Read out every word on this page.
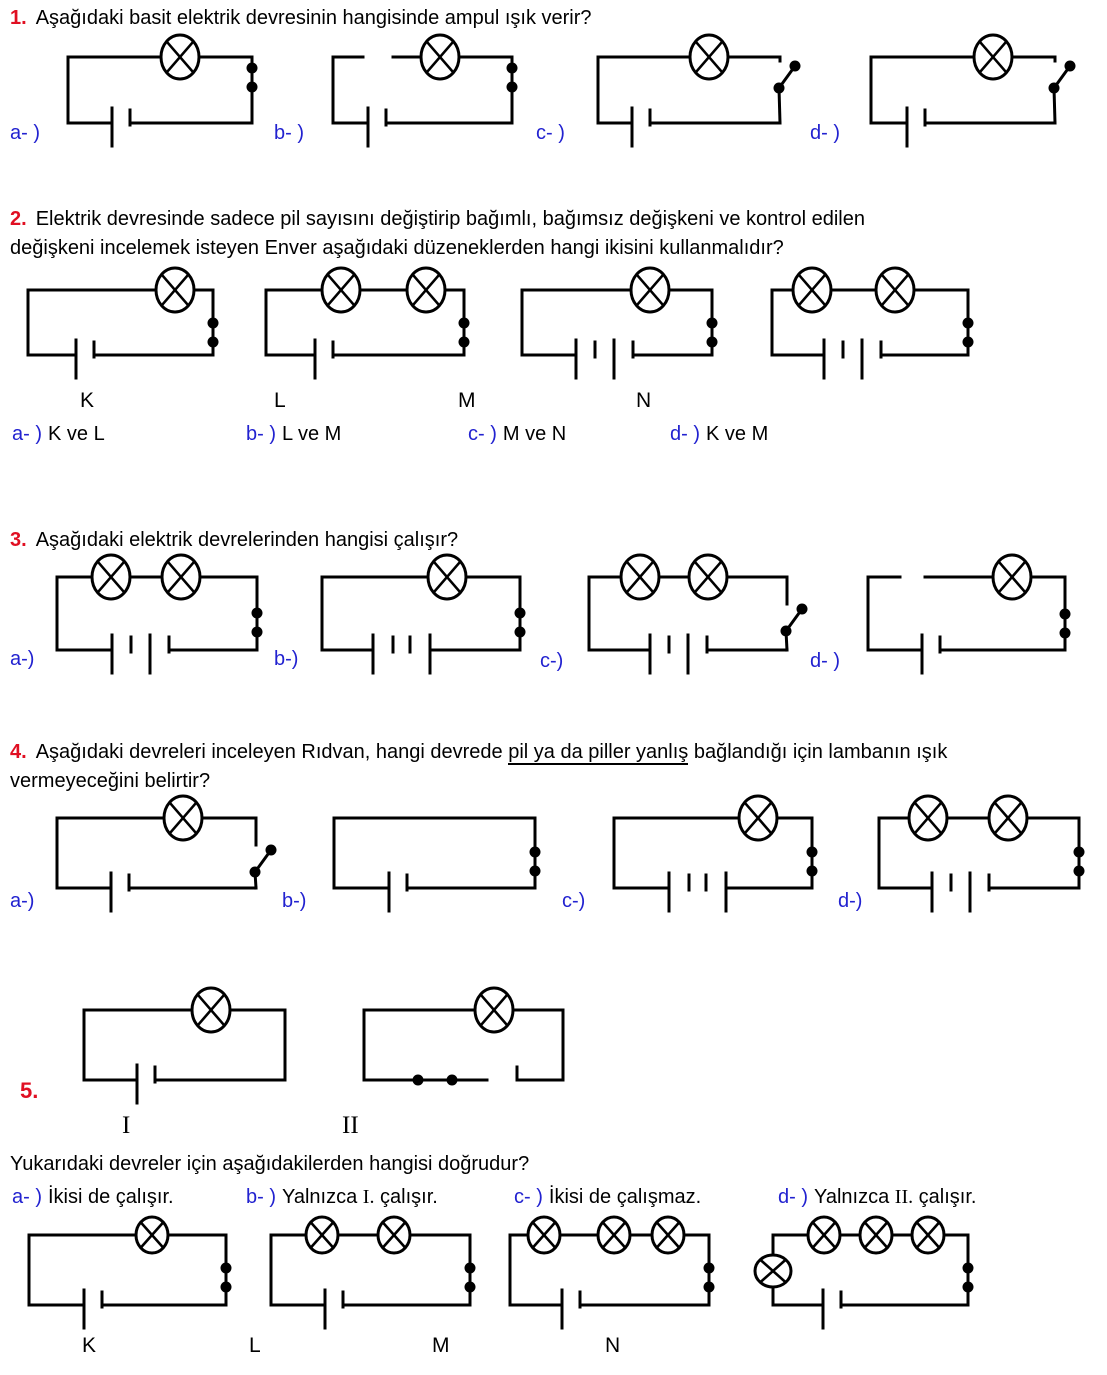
1. Aşağıdaki basit elektrik devresinin hangisinde ampul ışık verir?
a- )	b- )	c- )	d- )
2. Elektrik devresinde sadece pil sayısını değiştirip bağımlı, bağımsız değişkeni ve kontrol edilen
değişkeni incelemek isteyen Enver aşağıdaki düzeneklerden hangi ikisini kullanmalıdır?
K	L	M	N
a- ) K ve L	b- ) L ve M	c- ) M ve N	d- ) K ve M
3. Aşağıdaki elektrik devrelerinden hangisi çalışır?
a-)	b-)	c-)	d- )
4. Aşağıdaki devreleri inceleyen Rıdvan, hangi devrede pil ya da piller yanlış bağlandığı için lambanın ışık
vermeyeceğini belirtir?
a-)	b-)	c-)	d-)
5.
I	II
Yukarıdaki devreler için aşağıdakilerden hangisi doğrudur?
a- ) İkisi de çalışır.	b- ) Yalnızca I. çalışır.	c- ) İkisi de çalışmaz.	d- ) Yalnızca II. çalışır.
K	L	M	N
